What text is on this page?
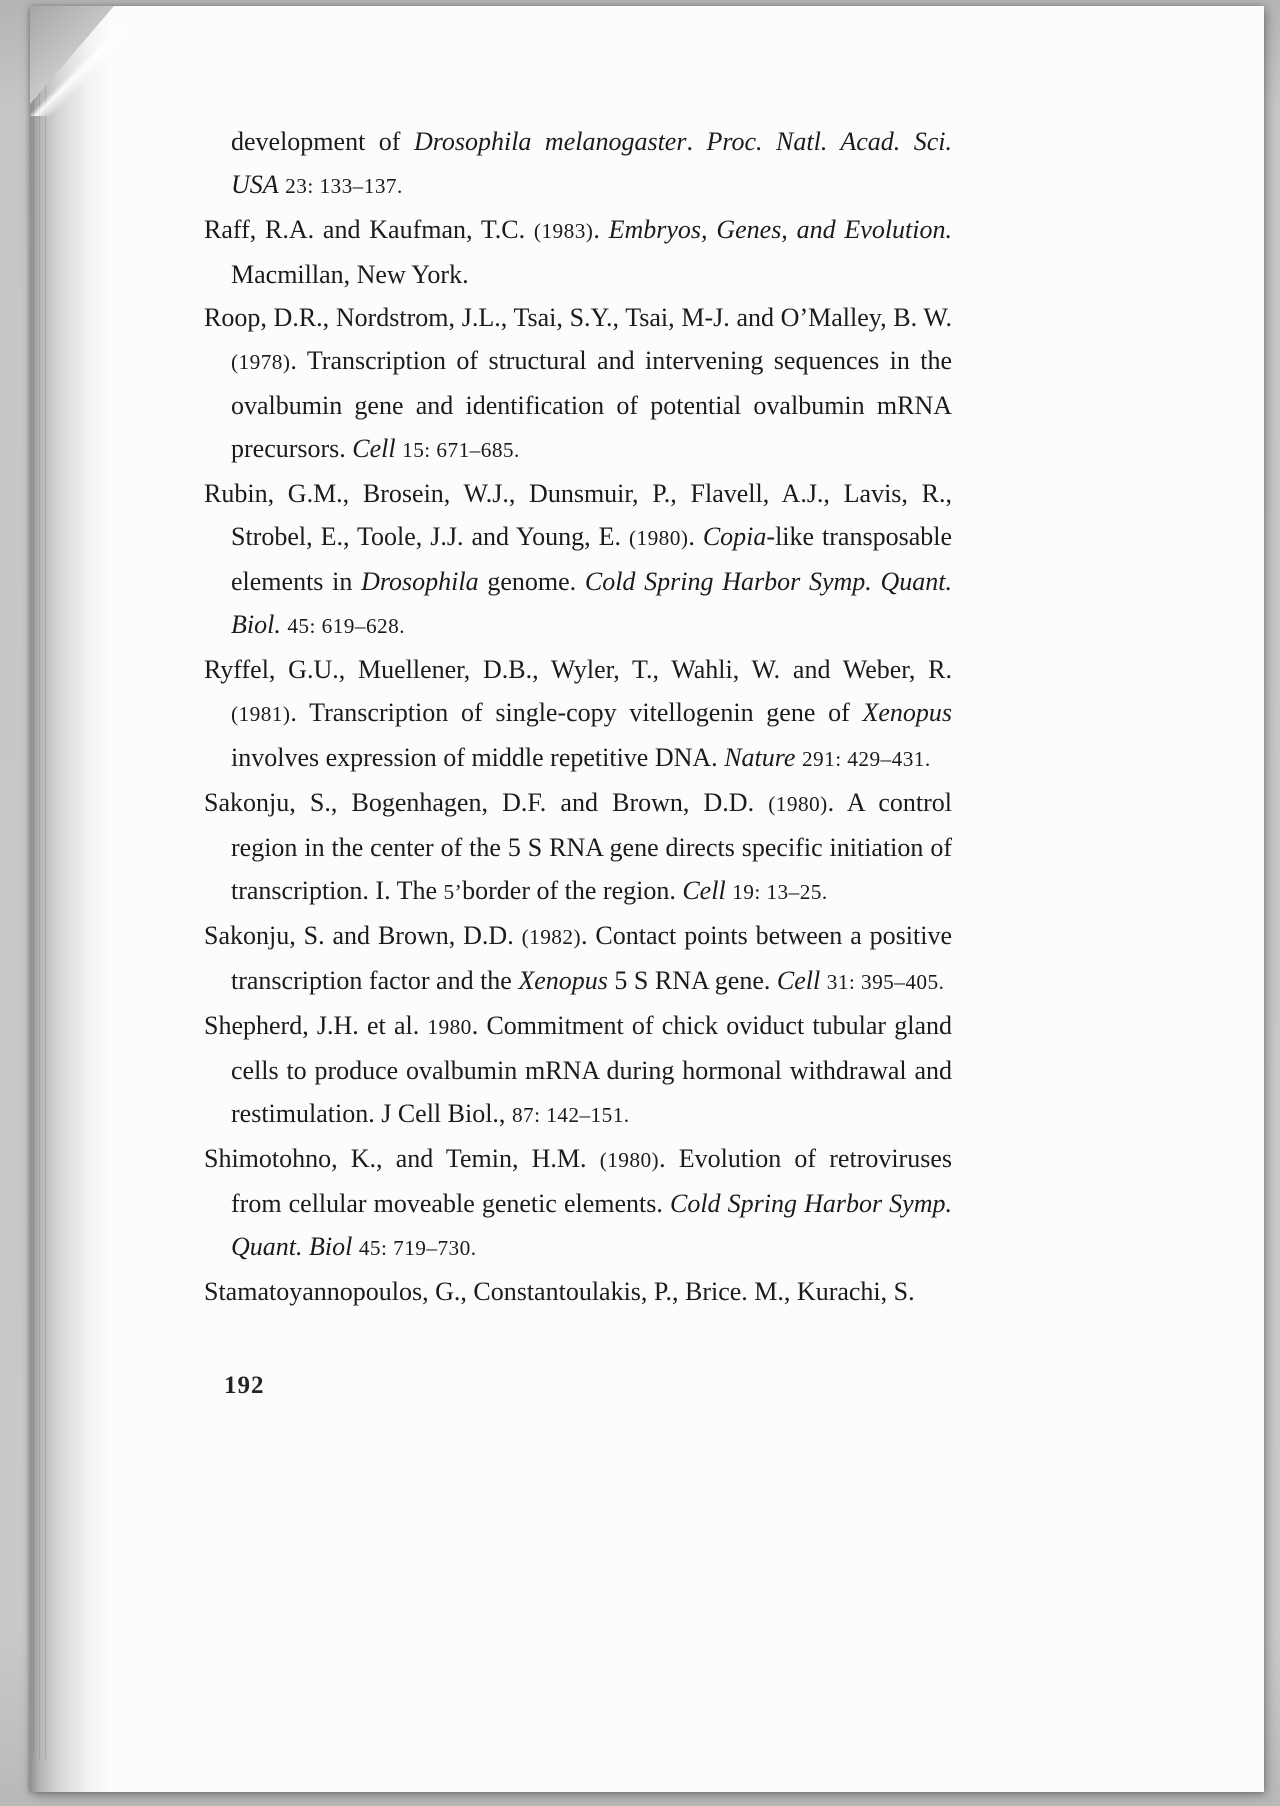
development of Drosophila melanogaster. Proc. Natl. Acad. Sci. USA 23: 133–137.
Raff, R.A. and Kaufman, T.C. (1983). Embryos, Genes, and Evolution. Macmillan, New York.
Roop, D.R., Nordstrom, J.L., Tsai, S.Y., Tsai, M-J. and O’Malley, B. W. (1978). Transcription of structural and intervening sequences in the ovalbumin gene and identification of potential ovalbumin mRNA precursors. Cell 15: 671–685.
Rubin, G.M., Brosein, W.J., Dunsmuir, P., Flavell, A.J., Lavis, R., Strobel, E., Toole, J.J. and Young, E. (1980). Copia-like transposable elements in Drosophila genome. Cold Spring Harbor Symp. Quant. Biol. 45: 619–628.
Ryffel, G.U., Muellener, D.B., Wyler, T., Wahli, W. and Weber, R. (1981). Transcription of single-copy vitellogenin gene of Xenopus involves expression of middle repetitive DNA. Nature 291: 429–431.
Sakonju, S., Bogenhagen, D.F. and Brown, D.D. (1980). A control region in the center of the 5 S RNA gene directs specific initiation of transcription. I. The 5’border of the region. Cell 19: 13–25.
Sakonju, S. and Brown, D.D. (1982). Contact points between a positive transcription factor and the Xenopus 5 S RNA gene. Cell 31: 395–405.
Shepherd, J.H. et al. 1980. Commitment of chick oviduct tubular gland cells to produce ovalbumin mRNA during hormonal withdrawal and restimulation. J Cell Biol., 87: 142–151.
Shimotohno, K., and Temin, H.M. (1980). Evolution of retroviruses from cellular moveable genetic elements. Cold Spring Harbor Symp. Quant. Biol 45: 719–730.
Stamatoyannopoulos, G., Constantoulakis, P., Brice. M., Kurachi, S.
192
